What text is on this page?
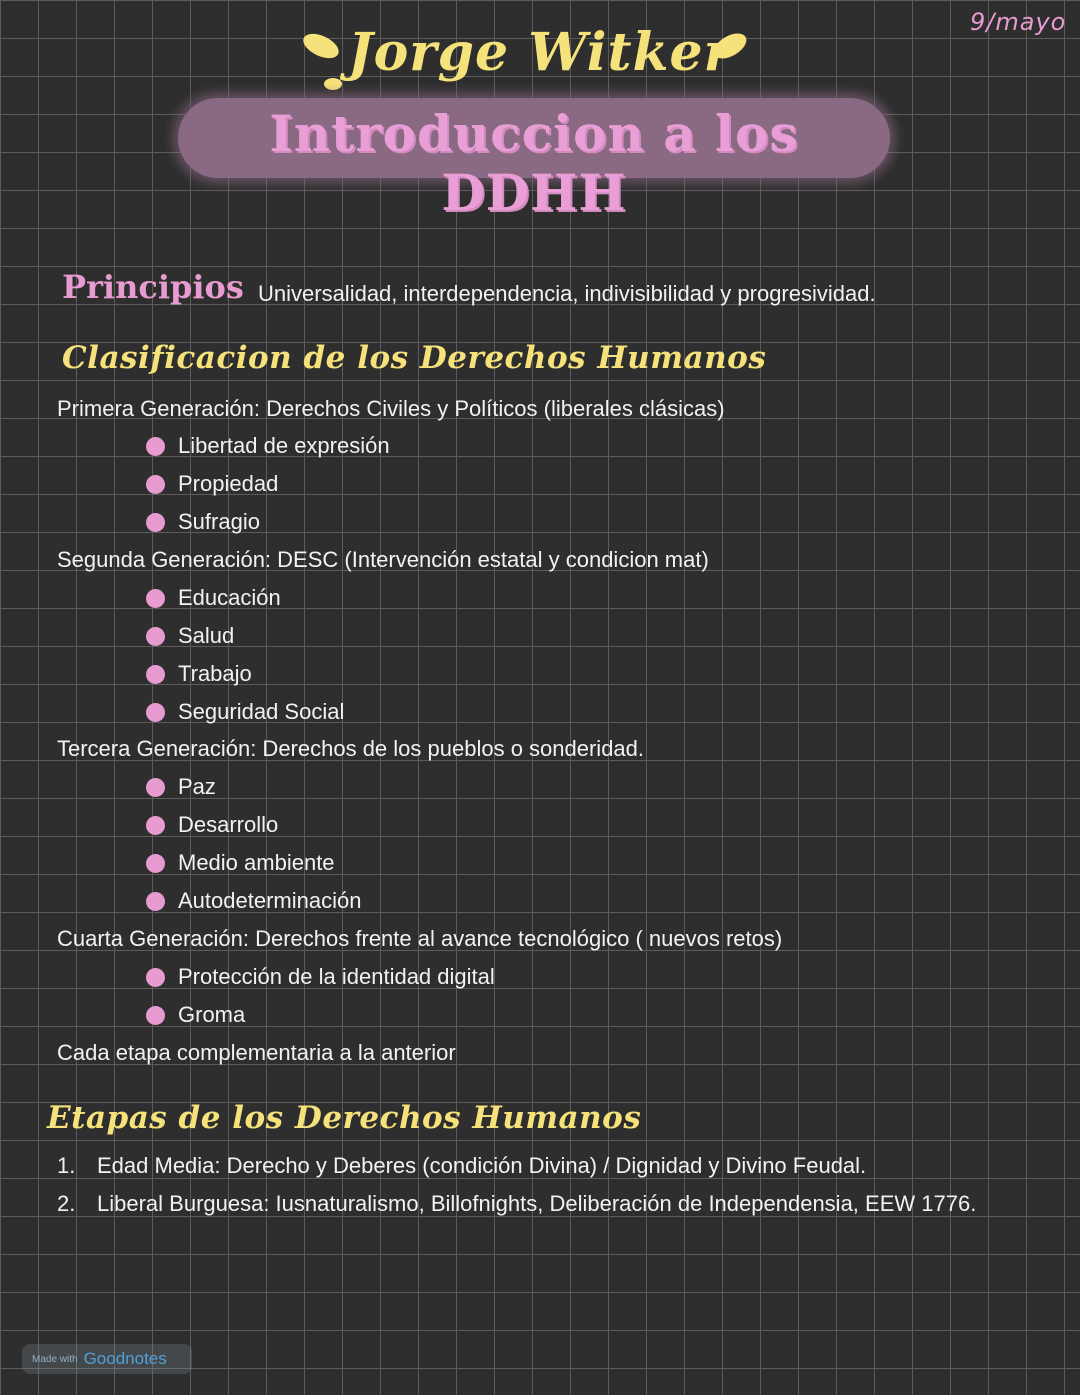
9/mayo
Jorge Witker
Introduccion a los DDHH
Principios Universalidad, interdependencia, indivisibilidad y progresividad.
Clasificacion de los Derechos Humanos
Primera Generación: Derechos Civiles y Políticos (liberales clásicas)
Libertad de expresión
Propiedad
Sufragio
Segunda Generación: DESC (Intervención estatal y condicion mat)
Educación
Salud
Trabajo
Seguridad Social
Tercera Generación: Derechos de los pueblos o sonderidad.
Paz
Desarrollo
Medio ambiente
Autodeterminación
Cuarta Generación: Derechos frente al avance tecnológico ( nuevos retos)
Protección de la identidad digital
Groma
Cada etapa complementaria a la anterior
Etapas de los Derechos Humanos
1. Edad Media: Derecho y Deberes (condición Divina) / Dignidad y Divino Feudal.
2. Liberal Burguesa: Iusnaturalismo, Billofnights, Deliberación de Independensia, EEW 1776.
Made with Goodnotes
